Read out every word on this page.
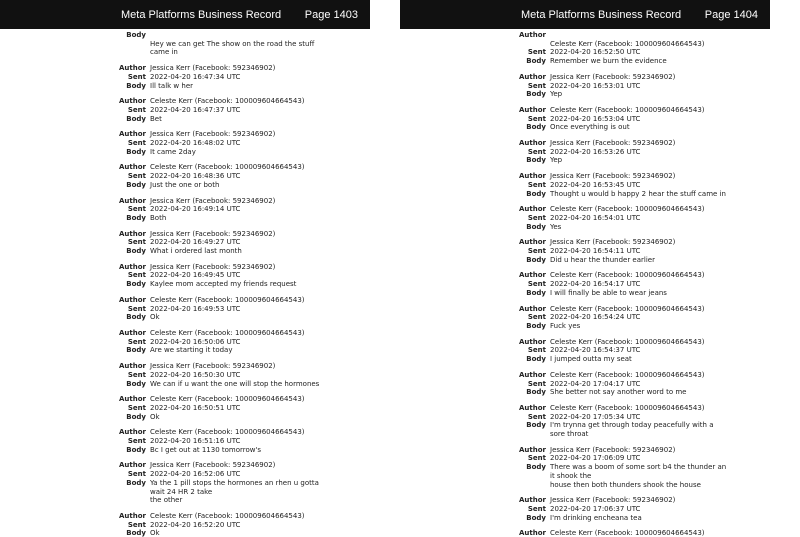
Meta Platforms Business Record Page 1403
Body
Hey we can get The show on the road the stuff came in
Author Jessica Kerr (Facebook: 592346902)
Sent 2022-04-20 16:47:34 UTC
Body Ill talk w her
Author Celeste Kerr (Facebook: 100009604664543)
Sent 2022-04-20 16:47:37 UTC
Body Bet
Author Jessica Kerr (Facebook: 592346902)
Sent 2022-04-20 16:48:02 UTC
Body It came 2day
Author Celeste Kerr (Facebook: 100009604664543)
Sent 2022-04-20 16:48:36 UTC
Body Just the one or both
Author Jessica Kerr (Facebook: 592346902)
Sent 2022-04-20 16:49:14 UTC
Body Both
Author Jessica Kerr (Facebook: 592346902)
Sent 2022-04-20 16:49:27 UTC
Body What i ordered last month
Author Jessica Kerr (Facebook: 592346902)
Sent 2022-04-20 16:49:45 UTC
Body Kaylee mom accepted my friends request
Author Celeste Kerr (Facebook: 100009604664543)
Sent 2022-04-20 16:49:53 UTC
Body Ok
Author Celeste Kerr (Facebook: 100009604664543)
Sent 2022-04-20 16:50:06 UTC
Body Are we starting it today
Author Jessica Kerr (Facebook: 592346902)
Sent 2022-04-20 16:50:30 UTC
Body We can if u want the one will stop the hormones
Author Celeste Kerr (Facebook: 100009604664543)
Sent 2022-04-20 16:50:51 UTC
Body Ok
Author Celeste Kerr (Facebook: 100009604664543)
Sent 2022-04-20 16:51:16 UTC
Body Bc I get out at 1130 tomorrow's
Author Jessica Kerr (Facebook: 592346902)
Sent 2022-04-20 16:52:06 UTC
Body Ya the 1 pill stops the hormones an rhen u gotta wait 24 HR 2 take
the other
Author Celeste Kerr (Facebook: 100009604664543)
Sent 2022-04-20 16:52:20 UTC
Body Ok
Meta Platforms Business Record Page 1404
Author
Celeste Kerr (Facebook: 100009604664543)
Sent 2022-04-20 16:52:50 UTC
Body Remember we burn the evidence
Author Jessica Kerr (Facebook: 592346902)
Sent 2022-04-20 16:53:01 UTC
Body Yep
Author Celeste Kerr (Facebook: 100009604664543)
Sent 2022-04-20 16:53:04 UTC
Body Once everything is out
Author Jessica Kerr (Facebook: 592346902)
Sent 2022-04-20 16:53:26 UTC
Body Yep
Author Jessica Kerr (Facebook: 592346902)
Sent 2022-04-20 16:53:45 UTC
Body Thought u would b happy 2 hear the stuff came in
Author Celeste Kerr (Facebook: 100009604664543)
Sent 2022-04-20 16:54:01 UTC
Body Yes
Author Jessica Kerr (Facebook: 592346902)
Sent 2022-04-20 16:54:11 UTC
Body Did u hear the thunder earlier
Author Celeste Kerr (Facebook: 100009604664543)
Sent 2022-04-20 16:54:17 UTC
Body I will finally be able to wear jeans
Author Celeste Kerr (Facebook: 100009604664543)
Sent 2022-04-20 16:54:24 UTC
Body Fuck yes
Author Celeste Kerr (Facebook: 100009604664543)
Sent 2022-04-20 16:54:37 UTC
Body I jumped outta my seat
Author Celeste Kerr (Facebook: 100009604664543)
Sent 2022-04-20 17:04:17 UTC
Body She better not say another word to me
Author Celeste Kerr (Facebook: 100009604664543)
Sent 2022-04-20 17:05:34 UTC
Body I'm trynna get through today peacefully with a sore throat
Author Jessica Kerr (Facebook: 592346902)
Sent 2022-04-20 17:06:09 UTC
Body There was a boom of some sort b4 the thunder an it shook the
house then both thunders shook the house
Author Jessica Kerr (Facebook: 592346902)
Sent 2022-04-20 17:06:37 UTC
Body I'm drinking encheana tea
Author Celeste Kerr (Facebook: 100009604664543)
